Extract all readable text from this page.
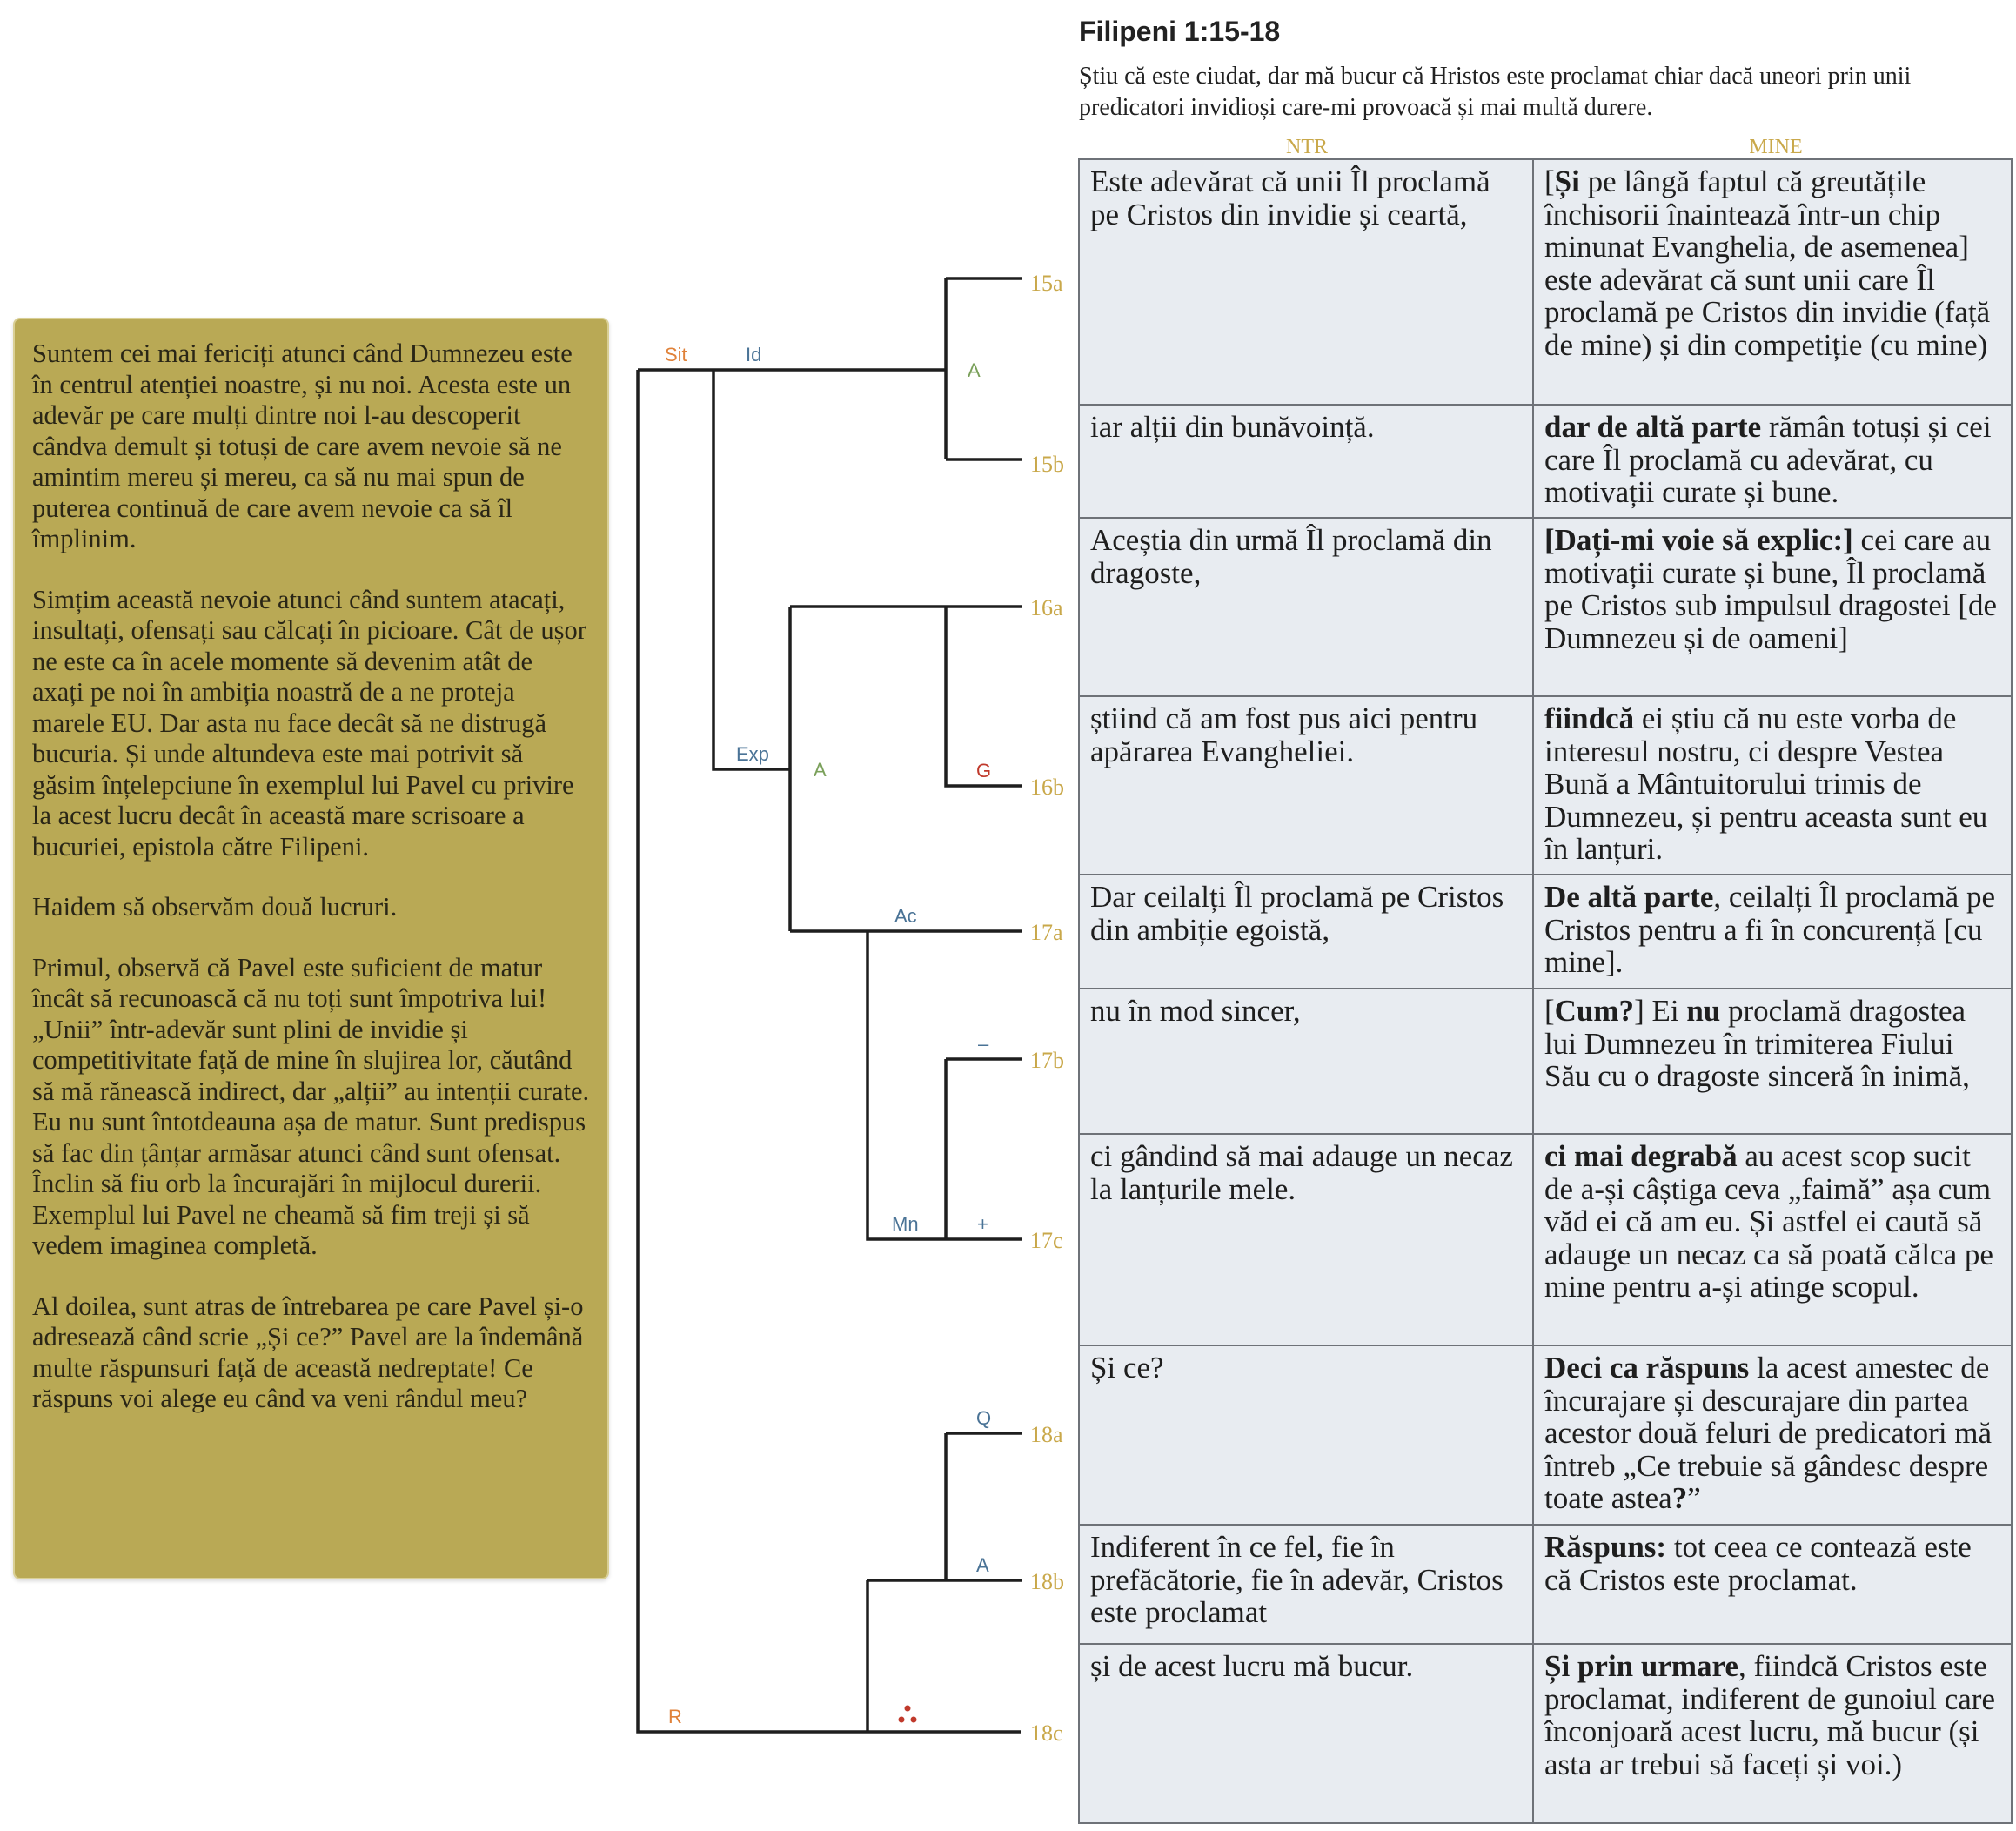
Filipeni 1:15-18
Știu că este ciudat, dar mă bucur că Hristos este proclamat chiar dacă uneori prin unii predicatori invidioși care-mi provoacă și mai multă durere.
NTR	MINE

Suntem cei mai fericiți atunci când Dumnezeu este în centrul atenției noastre, și nu noi. Acesta este un adevăr pe care mulți dintre noi l-au descoperit cândva demult și totuși de care avem nevoie să ne amintim mereu și mereu, ca să nu mai spun de puterea continuă de care avem nevoie ca să îl împlinim.

Simțim această nevoie atunci când suntem atacați, insultați, ofensați sau călcați în picioare. Cât de ușor ne este ca în acele momente să devenim atât de axați pe noi în ambiția noastră de a ne proteja marele EU. Dar asta nu face decât să ne distrugă bucuria. Și unde altundeva este mai potrivit să găsim înțelepciune în exemplul lui Pavel cu privire la acest lucru decât în această mare scrisoare a bucuriei, epistola către Filipeni.

Haidem să observăm două lucruri.

Primul, observă că Pavel este suficient de matur încât să recunoască că nu toți sunt împotriva lui! „Unii” într-adevăr sunt plini de invidie și competitivitate față de mine în slujirea lor, căutând să mă rănească indirect, dar „alții” au intenții curate. Eu nu sunt întotdeauna așa de matur. Sunt predispus să fac din țânțar armăsar atunci când sunt ofensat. Înclin să fiu orb la încurajări în mijlocul durerii. Exemplul lui Pavel ne cheamă să fim treji și să vedem imaginea completă.

Al doilea, sunt atras de întrebarea pe care Pavel și-o adresează când scrie „Și ce?” Pavel are la îndemână multe răspunsuri față de această nedreptate! Ce răspuns voi alege eu când va veni rândul meu?

Sit	Id
A
Exp
A	G
Ac
–
Mn	+
Q
A
R
15a
15b
16a
16b
17a
17b
17c
18a
18b
18c
Este adevărat că unii Îl proclamă pe Cristos din invidie și ceartă,	[Și pe lângă faptul că greutățile închisorii înaintează într-un chip minunat Evanghelia, de asemenea] este adevărat că sunt unii care Îl proclamă pe Cristos din invidie (față de mine) și din competiție (cu mine)
iar alții din bunăvoință.	dar de altă parte rămân totuși și cei care Îl proclamă cu adevărat, cu motivații curate și bune.
Aceștia din urmă Îl proclamă din dragoste,	[Dați-mi voie să explic:] cei care au motivații curate și bune, Îl proclamă pe Cristos sub impulsul dragostei [de Dumnezeu și de oameni]
știind că am fost pus aici pentru apărarea Evangheliei.	fiindcă ei știu că nu este vorba de interesul nostru, ci despre Vestea Bună a Mântuitorului trimis de Dumnezeu, și pentru aceasta sunt eu în lanțuri.
Dar ceilalți Îl proclamă pe Cristos din ambiție egoistă,	De altă parte, ceilalți Îl proclamă pe Cristos pentru a fi în concurență [cu mine].
nu în mod sincer,	[Cum?] Ei nu proclamă dragostea lui Dumnezeu în trimiterea Fiului Său cu o dragoste sinceră în inimă,
ci gândind să mai adauge un necaz la lanțurile mele.	ci mai degrabă au acest scop sucit de a-și câștiga ceva „faimă” așa cum văd ei că am eu. Și astfel ei caută să adauge un necaz ca să poată călca pe mine pentru a-și atinge scopul.
Și ce?	Deci ca răspuns la acest amestec de încurajare și descurajare din partea acestor două feluri de predicatori mă întreb „Ce trebuie să gândesc despre toate astea?”
Indiferent în ce fel, fie în prefăcătorie, fie în adevăr, Cristos este proclamat	Răspuns: tot ceea ce contează este că Cristos este proclamat.
și de acest lucru mă bucur.	Și prin urmare, fiindcă Cristos este proclamat, indiferent de gunoiul care înconjoară acest lucru, mă bucur (și asta ar trebui să faceți și voi.)
